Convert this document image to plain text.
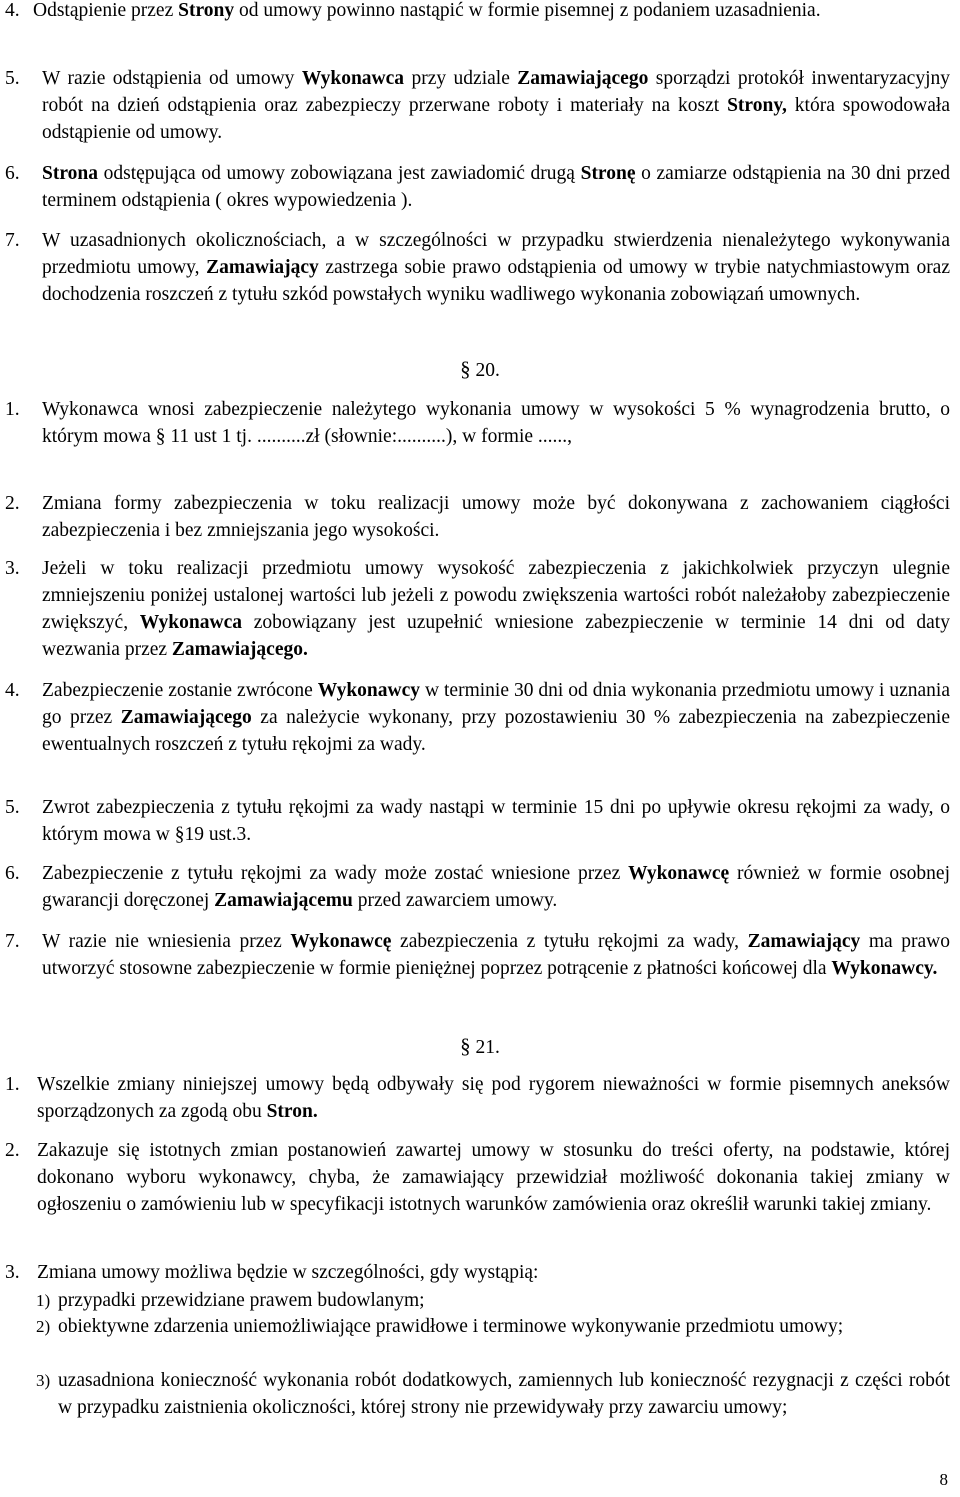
4. Odstąpienie przez Strony od umowy powinno nastąpić w formie pisemnej z podaniem uzasadnienia.
5.	W razie odstąpienia od umowy Wykonawca przy udziale Zamawiającego sporządzi protokół inwentaryzacyjny robót na dzień odstąpienia oraz zabezpieczy przerwane roboty i materiały na koszt Strony, która spowodowała odstąpienie od umowy.
6.	Strona odstępująca od umowy zobowiązana jest zawiadomić drugą Stronę o zamiarze odstąpienia na 30 dni przed terminem odstąpienia ( okres wypowiedzenia ).
7.	W uzasadnionych okolicznościach, a w szczególności w przypadku stwierdzenia nienależytego wykonywania przedmiotu umowy, Zamawiający zastrzega sobie prawo odstąpienia od umowy w trybie natychmiastowym oraz dochodzenia roszczeń z tytułu szkód powstałych wyniku wadliwego wykonania zobowiązań umownych.
§ 20.
1.	Wykonawca wnosi zabezpieczenie należytego wykonania umowy w wysokości 5 % wynagrodzenia brutto, o którym mowa § 11 ust 1 tj. ..........zł (słownie:..........), w formie ......,
2.	Zmiana formy zabezpieczenia w toku realizacji umowy może być dokonywana z zachowaniem ciągłości zabezpieczenia i bez zmniejszania jego wysokości.
3.	Jeżeli w toku realizacji przedmiotu umowy wysokość zabezpieczenia z jakichkolwiek przyczyn ulegnie zmniejszeniu poniżej ustalonej wartości lub jeżeli z powodu zwiększenia wartości robót należałoby zabezpieczenie zwiększyć, Wykonawca zobowiązany jest uzupełnić wniesione zabezpieczenie w terminie 14 dni od daty wezwania przez Zamawiającego.
4.	Zabezpieczenie zostanie zwrócone Wykonawcy w terminie 30 dni od dnia wykonania przedmiotu umowy i uznania go przez Zamawiającego za należycie wykonany, przy pozostawieniu 30 % zabezpieczenia na zabezpieczenie ewentualnych roszczeń z tytułu rękojmi za wady.
5.	Zwrot zabezpieczenia z tytułu rękojmi za wady nastąpi w terminie 15 dni po upływie okresu rękojmi za wady, o którym mowa w §19 ust.3.
6.	Zabezpieczenie z tytułu rękojmi za wady może zostać wniesione przez Wykonawcę również w formie osobnej gwarancji doręczonej Zamawiającemu przed zawarciem umowy.
7.	W razie nie wniesienia przez Wykonawcę zabezpieczenia z tytułu rękojmi za wady, Zamawiający ma prawo utworzyć stosowne zabezpieczenie w formie pieniężnej poprzez potrącenie z płatności końcowej dla Wykonawcy.
§ 21.
1. Wszelkie zmiany niniejszej umowy będą odbywały się pod rygorem nieważności w formie pisemnych aneksów sporządzonych za zgodą obu Stron.
2. Zakazuje się istotnych zmian postanowień zawartej umowy w stosunku do treści oferty, na podstawie, której dokonano wyboru wykonawcy, chyba, że zamawiający przewidział możliwość dokonania takiej zmiany w ogłoszeniu o zamówieniu lub w specyfikacji istotnych warunków zamówienia oraz określił warunki takiej zmiany.
3. Zmiana umowy możliwa będzie w szczególności, gdy wystąpią:
1) przypadki przewidziane prawem budowlanym;
2) obiektywne zdarzenia uniemożliwiające prawidłowe i terminowe wykonywanie przedmiotu umowy;
3) uzasadniona konieczność wykonania robót dodatkowych, zamiennych lub konieczność rezygnacji z części robót w przypadku zaistnienia okoliczności, której strony nie przewidywały przy zawarciu umowy;
8
